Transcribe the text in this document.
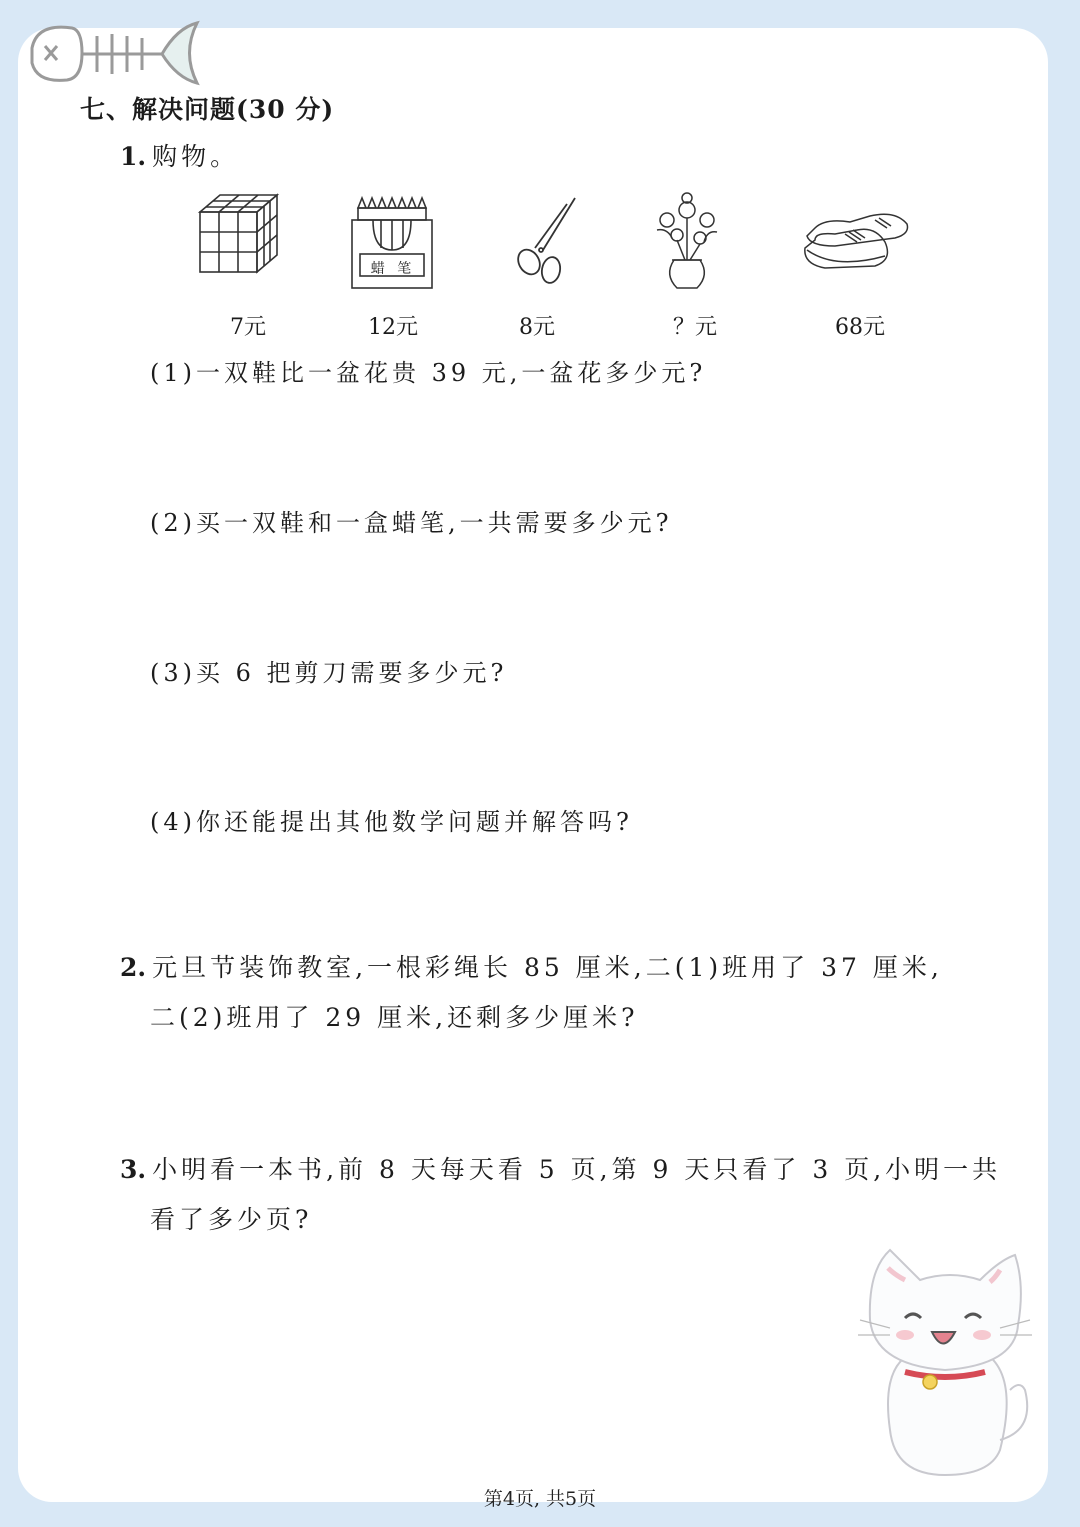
七、解决问题(30 分)
1. 购物。
7元
蜡 笔
12元	8元	？元	68元
(1)一双鞋比一盆花贵 39 元,一盆花多少元?
(2)买一双鞋和一盒蜡笔,一共需要多少元?
(3)买 6 把剪刀需要多少元?
(4)你还能提出其他数学问题并解答吗?
2. 元旦节装饰教室,一根彩绳长 85 厘米,二(1)班用了 37 厘米,
二(2)班用了 29 厘米,还剩多少厘米?
3. 小明看一本书,前 8 天每天看 5 页,第 9 天只看了 3 页,小明一共
看了多少页?
第4页, 共5页
